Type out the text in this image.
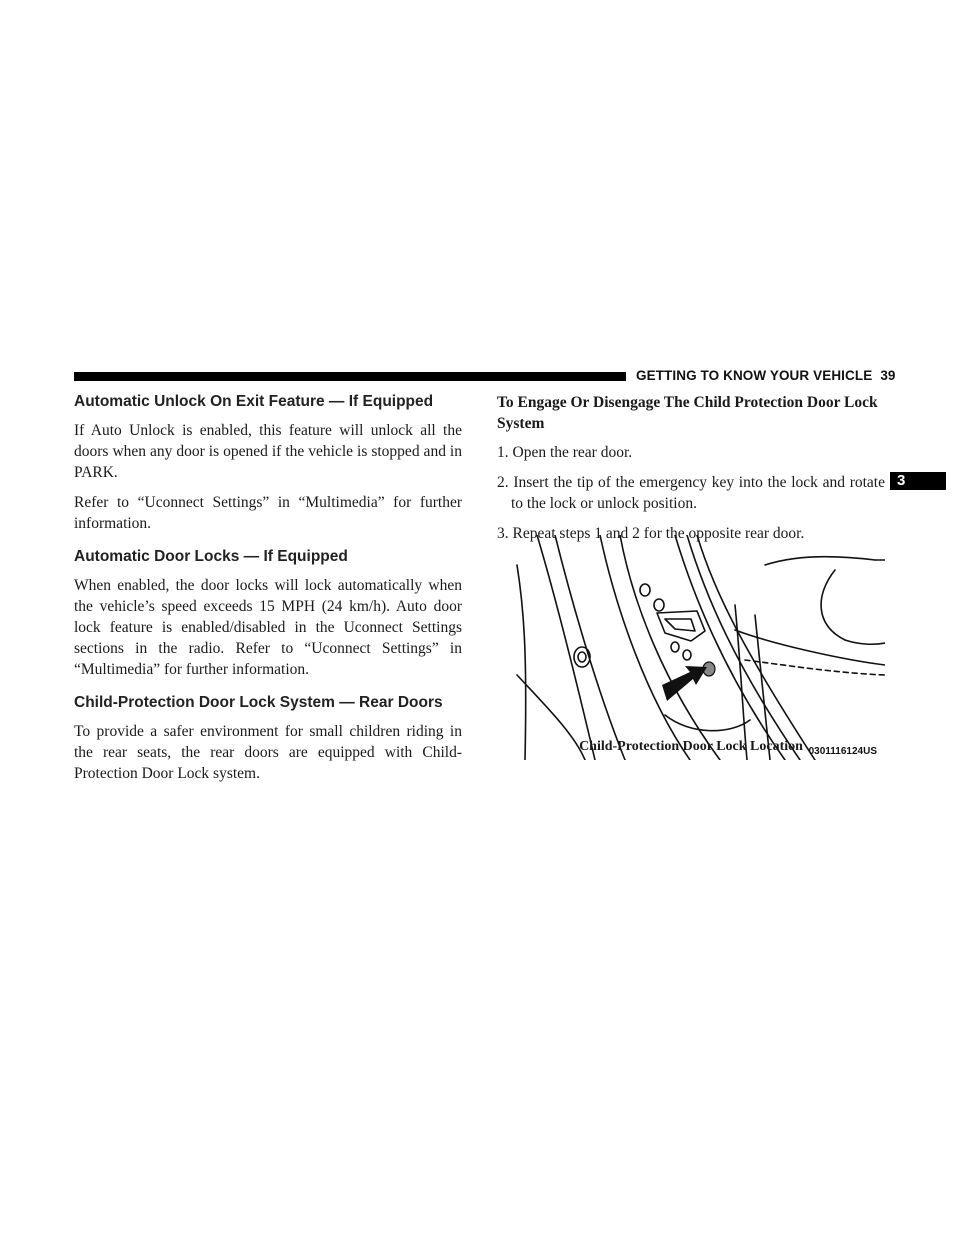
GETTING TO KNOW YOUR VEHICLE 39
3
Automatic Unlock On Exit Feature — If Equipped

If Auto Unlock is enabled, this feature will unlock all the doors when any door is opened if the vehicle is stopped and in PARK.

Refer to “Uconnect Settings” in “Multimedia” for further information.

Automatic Door Locks — If Equipped

When enabled, the door locks will lock automatically when the vehicle’s speed exceeds 15 MPH (24 km/h). Auto door lock feature is enabled/disabled in the Uconnect Settings sections in the radio. Refer to “Uconnect Settings” in “Multimedia” for further information.

Child-Protection Door Lock System — Rear Doors

To provide a safer environment for small children riding in the rear seats, the rear doors are equipped with Child-Protection Door Lock system.

To Engage Or Disengage The Child Protection Door Lock System

1. Open the rear door.

2. Insert the tip of the emergency key into the lock and rotate to the lock or unlock position.

3. Repeat steps 1 and 2 for the opposite rear door.

0301116124US
Child-Protection Door Lock Location
